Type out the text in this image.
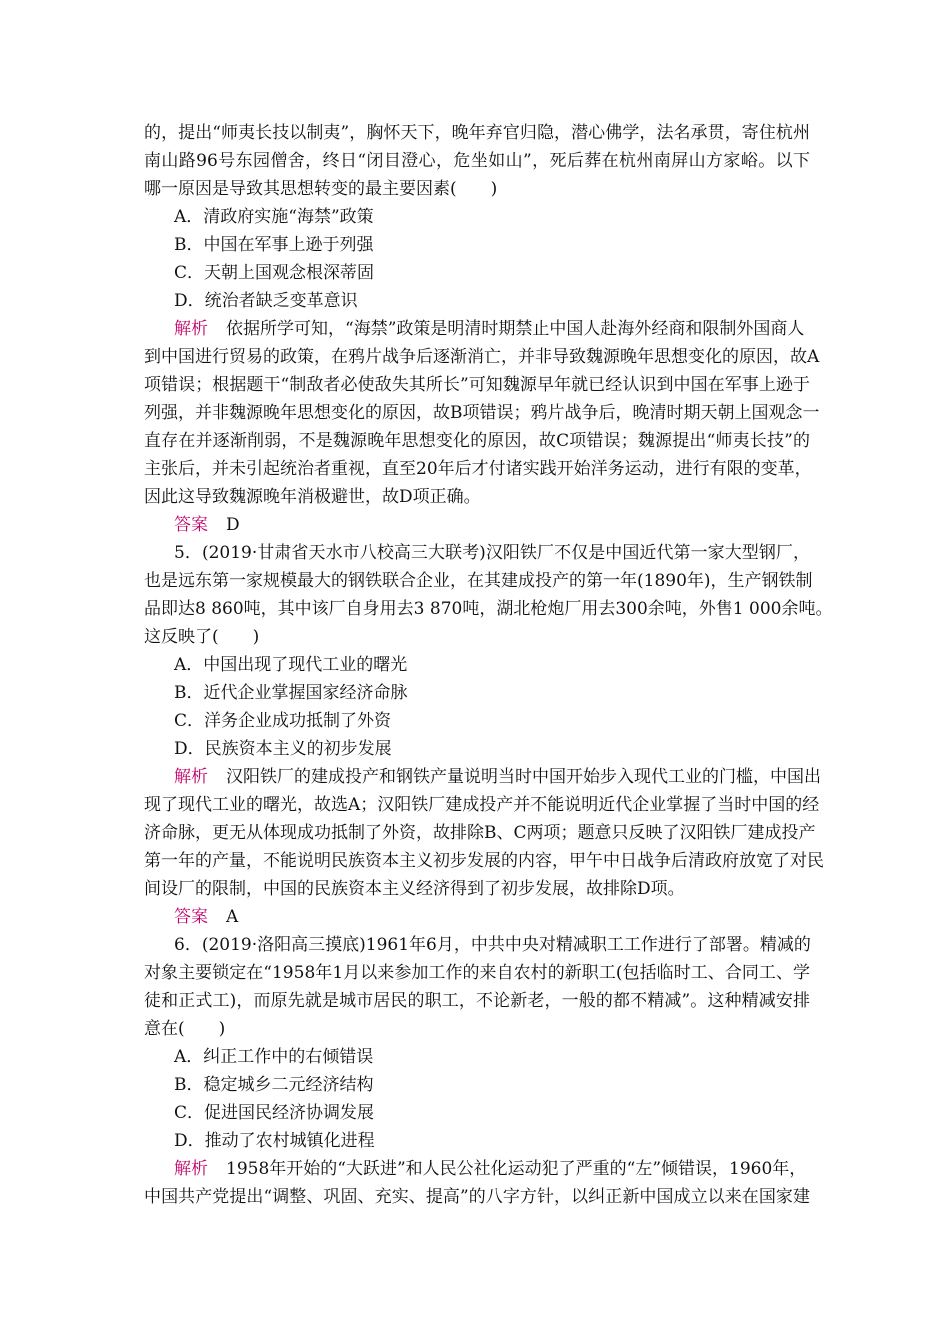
的，提出“师夷长技以制夷”，胸怀天下，晚年弃官归隐，潜心佛学，法名承贯，寄住杭州
南山路96号东园僧舍，终日“闭目澄心，危坐如山”，死后葬在杭州南屏山方家峪。以下
哪一原因是导致其思想转变的最主要因素(　　)
A．清政府实施“海禁”政策
B．中国在军事上逊于列强
C．天朝上国观念根深蒂固
D．统治者缺乏变革意识
解析 依据所学可知，“海禁”政策是明清时期禁止中国人赴海外经商和限制外国商人
到中国进行贸易的政策，在鸦片战争后逐渐消亡，并非导致魏源晚年思想变化的原因，故A
项错误；根据题干“制敌者必使敌失其所长”可知魏源早年就已经认识到中国在军事上逊于
列强，并非魏源晚年思想变化的原因，故B项错误；鸦片战争后，晚清时期天朝上国观念一
直存在并逐渐削弱，不是魏源晚年思想变化的原因，故C项错误；魏源提出“师夷长技”的
主张后，并未引起统治者重视，直至20年后才付诸实践开始洋务运动，进行有限的变革，
因此这导致魏源晚年消极避世，故D项正确。
答案 D
5．(2019·甘肃省天水市八校高三大联考)汉阳铁厂不仅是中国近代第一家大型钢厂，
也是远东第一家规模最大的钢铁联合企业，在其建成投产的第一年(1890年)，生产钢铁制
品即达8 860吨，其中该厂自身用去3 870吨，湖北枪炮厂用去300余吨，外售1 000余吨。
这反映了(　　)
A．中国出现了现代工业的曙光
B．近代企业掌握国家经济命脉
C．洋务企业成功抵制了外资
D．民族资本主义的初步发展
解析 汉阳铁厂的建成投产和钢铁产量说明当时中国开始步入现代工业的门槛，中国出
现了现代工业的曙光，故选A；汉阳铁厂建成投产并不能说明近代企业掌握了当时中国的经
济命脉，更无从体现成功抵制了外资，故排除B、C两项；题意只反映了汉阳铁厂建成投产
第一年的产量，不能说明民族资本主义初步发展的内容，甲午中日战争后清政府放宽了对民
间设厂的限制，中国的民族资本主义经济得到了初步发展，故排除D项。
答案 A
6．(2019·洛阳高三摸底)1961年6月，中共中央对精减职工工作进行了部署。精减的
对象主要锁定在“1958年1月以来参加工作的来自农村的新职工(包括临时工、合同工、学
徒和正式工)，而原先就是城市居民的职工，不论新老，一般的都不精减”。这种精减安排
意在(　　)
A．纠正工作中的右倾错误
B．稳定城乡二元经济结构
C．促进国民经济协调发展
D．推动了农村城镇化进程
解析 1958年开始的“大跃进”和人民公社化运动犯了严重的“左”倾错误，1960年，
中国共产党提出“调整、巩固、充实、提高”的八字方针，以纠正新中国成立以来在国家建
